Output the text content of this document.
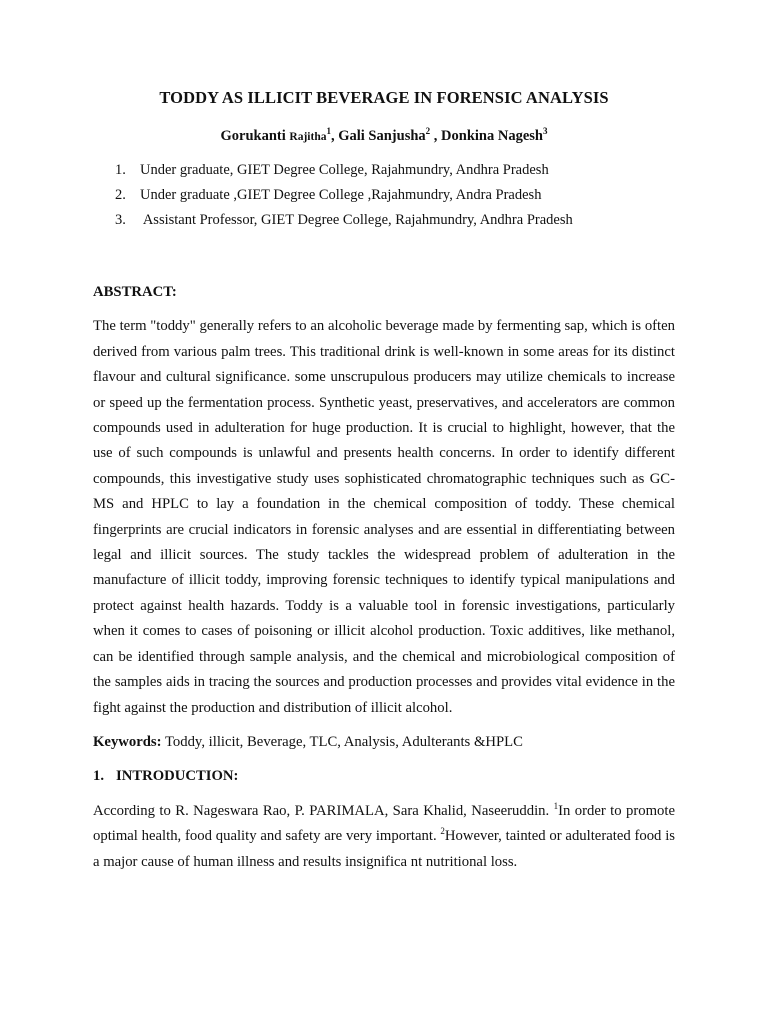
TODDY AS ILLICIT BEVERAGE IN FORENSIC ANALYSIS
Gorukanti Rajitha$^1$, Gali Sanjusha$^2$ , Donkina Nagesh$^3$
1. Under graduate, GIET Degree College, Rajahmundry, Andhra Pradesh
2. Under graduate ,GIET Degree College ,Rajahmundry, Andra Pradesh
3. Assistant Professor, GIET Degree College, Rajahmundry, Andhra Pradesh
ABSTRACT:

The term "toddy" generally refers to an alcoholic beverage made by fermenting sap, which is often derived from various palm trees. This traditional drink is well-known in some areas for its distinct flavour and cultural significance. some unscrupulous producers may utilize chemicals to increase or speed up the fermentation process. Synthetic yeast, preservatives, and accelerators are common compounds used in adulteration for huge production. It is crucial to highlight, however, that the use of such compounds is unlawful and presents health concerns. In order to identify different compounds, this investigative study uses sophisticated chromatographic techniques such as GC-MS and HPLC to lay a foundation in the chemical composition of toddy. These chemical fingerprints are crucial indicators in forensic analyses and are essential in differentiating between legal and illicit sources. The study tackles the widespread problem of adulteration in the manufacture of illicit toddy, improving forensic techniques to identify typical manipulations and protect against health hazards. Toddy is a valuable tool in forensic investigations, particularly when it comes to cases of poisoning or illicit alcohol production. Toxic additives, like methanol, can be identified through sample analysis, and the chemical and microbiological composition of the samples aids in tracing the sources and production processes and provides vital evidence in the fight against the production and distribution of illicit alcohol.

Keywords: Toddy, illicit, Beverage, TLC, Analysis, Adulterants &HPLC

1. INTRODUCTION:

According to R. Nageswara Rao, P. PARIMALA, Sara Khalid, Naseeruddin. $^1$In order to promote optimal health, food quality and safety are very important. $^2$However, tainted or adulterated food is a major cause of human illness and results insignifica nt nutritional loss.
